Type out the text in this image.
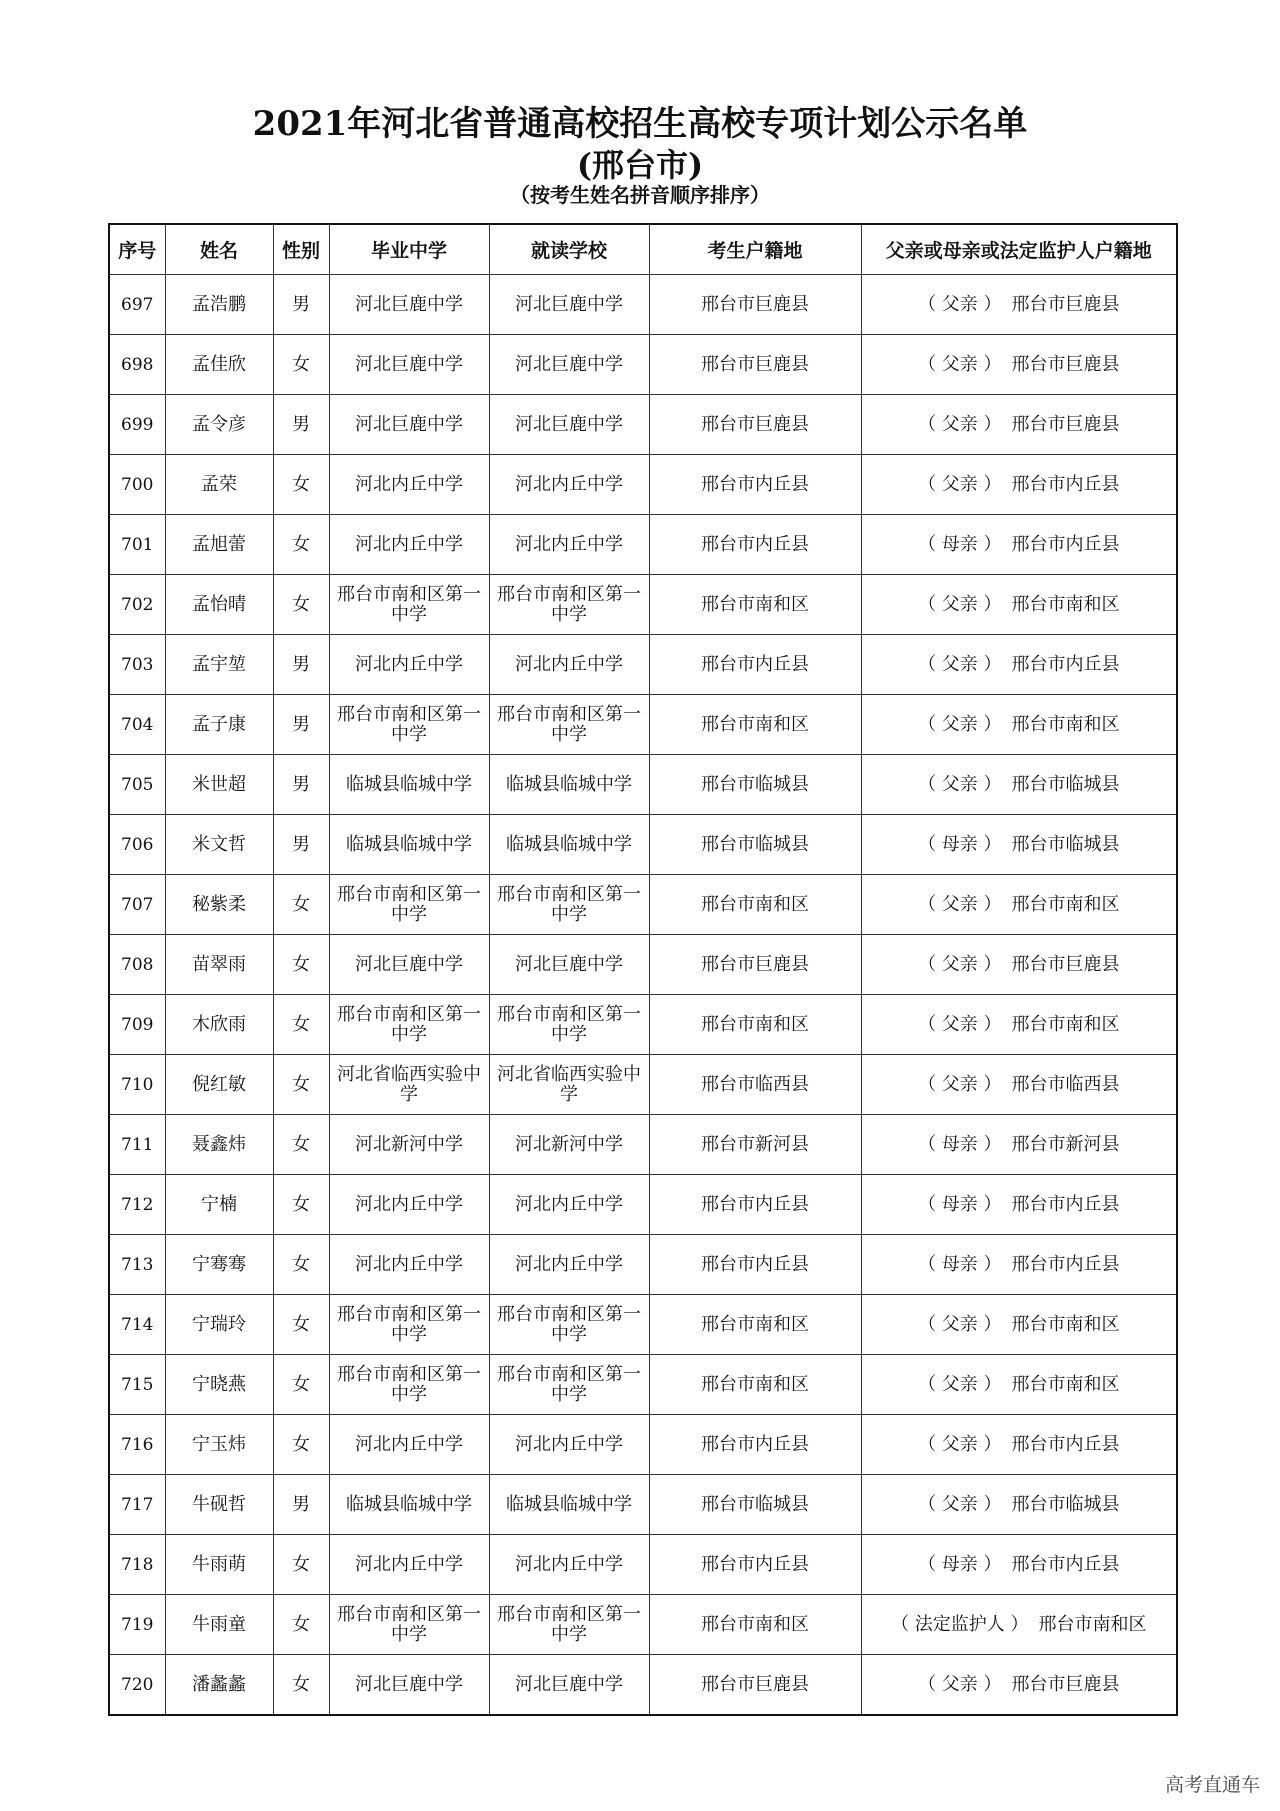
2021年河北省普通高校招生高校专项计划公示名单
(邢台市)
（按考生姓名拼音顺序排序）
序号	姓名	性别	毕业中学	就读学校	考生户籍地	父亲或母亲或法定监护人户籍地
697	孟浩鹏	男	河北巨鹿中学	河北巨鹿中学	邢台市巨鹿县	（ 父亲 ） 邢台市巨鹿县
698	孟佳欣	女	河北巨鹿中学	河北巨鹿中学	邢台市巨鹿县	（ 父亲 ） 邢台市巨鹿县
699	孟令彦	男	河北巨鹿中学	河北巨鹿中学	邢台市巨鹿县	（ 父亲 ） 邢台市巨鹿县
700	孟荣	女	河北内丘中学	河北内丘中学	邢台市内丘县	（ 父亲 ） 邢台市内丘县
701	孟旭蕾	女	河北内丘中学	河北内丘中学	邢台市内丘县	（ 母亲 ） 邢台市内丘县
702	孟怡晴	女	邢台市南和区第一中学	邢台市南和区第一中学	邢台市南和区	（ 父亲 ） 邢台市南和区
703	孟宇堃	男	河北内丘中学	河北内丘中学	邢台市内丘县	（ 父亲 ） 邢台市内丘县
704	孟子康	男	邢台市南和区第一中学	邢台市南和区第一中学	邢台市南和区	（ 父亲 ） 邢台市南和区
705	米世超	男	临城县临城中学	临城县临城中学	邢台市临城县	（ 父亲 ） 邢台市临城县
706	米文哲	男	临城县临城中学	临城县临城中学	邢台市临城县	（ 母亲 ） 邢台市临城县
707	秘紫柔	女	邢台市南和区第一中学	邢台市南和区第一中学	邢台市南和区	（ 父亲 ） 邢台市南和区
708	苗翠雨	女	河北巨鹿中学	河北巨鹿中学	邢台市巨鹿县	（ 父亲 ） 邢台市巨鹿县
709	木欣雨	女	邢台市南和区第一中学	邢台市南和区第一中学	邢台市南和区	（ 父亲 ） 邢台市南和区
710	倪红敏	女	河北省临西实验中学	河北省临西实验中学	邢台市临西县	（ 父亲 ） 邢台市临西县
711	聂鑫炜	女	河北新河中学	河北新河中学	邢台市新河县	（ 母亲 ） 邢台市新河县
712	宁楠	女	河北内丘中学	河北内丘中学	邢台市内丘县	（ 母亲 ） 邢台市内丘县
713	宁骞骞	女	河北内丘中学	河北内丘中学	邢台市内丘县	（ 母亲 ） 邢台市内丘县
714	宁瑞玲	女	邢台市南和区第一中学	邢台市南和区第一中学	邢台市南和区	（ 父亲 ） 邢台市南和区
715	宁晓燕	女	邢台市南和区第一中学	邢台市南和区第一中学	邢台市南和区	（ 父亲 ） 邢台市南和区
716	宁玉炜	女	河北内丘中学	河北内丘中学	邢台市内丘县	（ 父亲 ） 邢台市内丘县
717	牛砚哲	男	临城县临城中学	临城县临城中学	邢台市临城县	（ 父亲 ） 邢台市临城县
718	牛雨萌	女	河北内丘中学	河北内丘中学	邢台市内丘县	（ 母亲 ） 邢台市内丘县
719	牛雨童	女	邢台市南和区第一中学	邢台市南和区第一中学	邢台市南和区	（ 法定监护人 ） 邢台市南和区
720	潘蠡蠡	女	河北巨鹿中学	河北巨鹿中学	邢台市巨鹿县	（ 父亲 ） 邢台市巨鹿县
高考直通车
